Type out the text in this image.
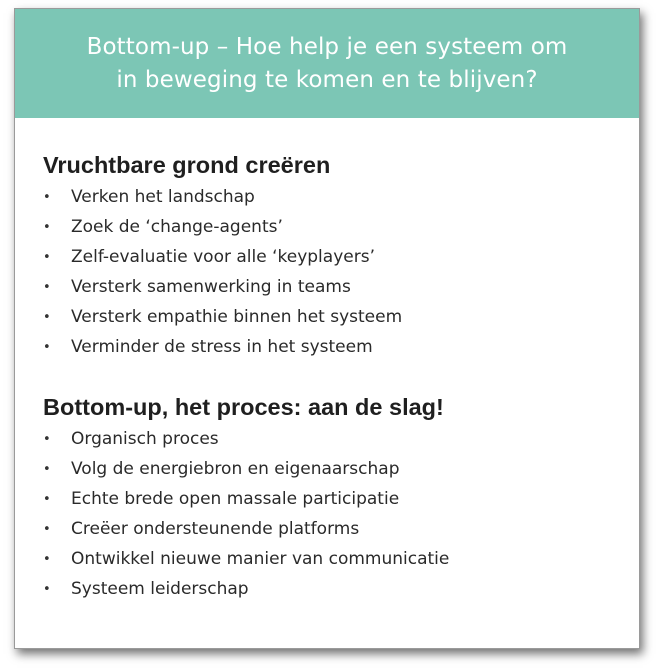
Bottom-up – Hoe help je een systeem om
in beweging te komen en te blijven?
Vruchtbare grond creëren
•	Verken het landschap
•	Zoek de ‘change-agents’
•	Zelf-evaluatie voor alle ‘keyplayers’
•	Versterk samenwerking in teams
•	Versterk empathie binnen het systeem
•	Verminder de stress in het systeem
Bottom-up, het proces: aan de slag!
•	Organisch proces
•	Volg de energiebron en eigenaarschap
•	Echte brede open massale participatie
•	Creëer ondersteunende platforms
•	Ontwikkel nieuwe manier van communicatie
•	Systeem leiderschap
